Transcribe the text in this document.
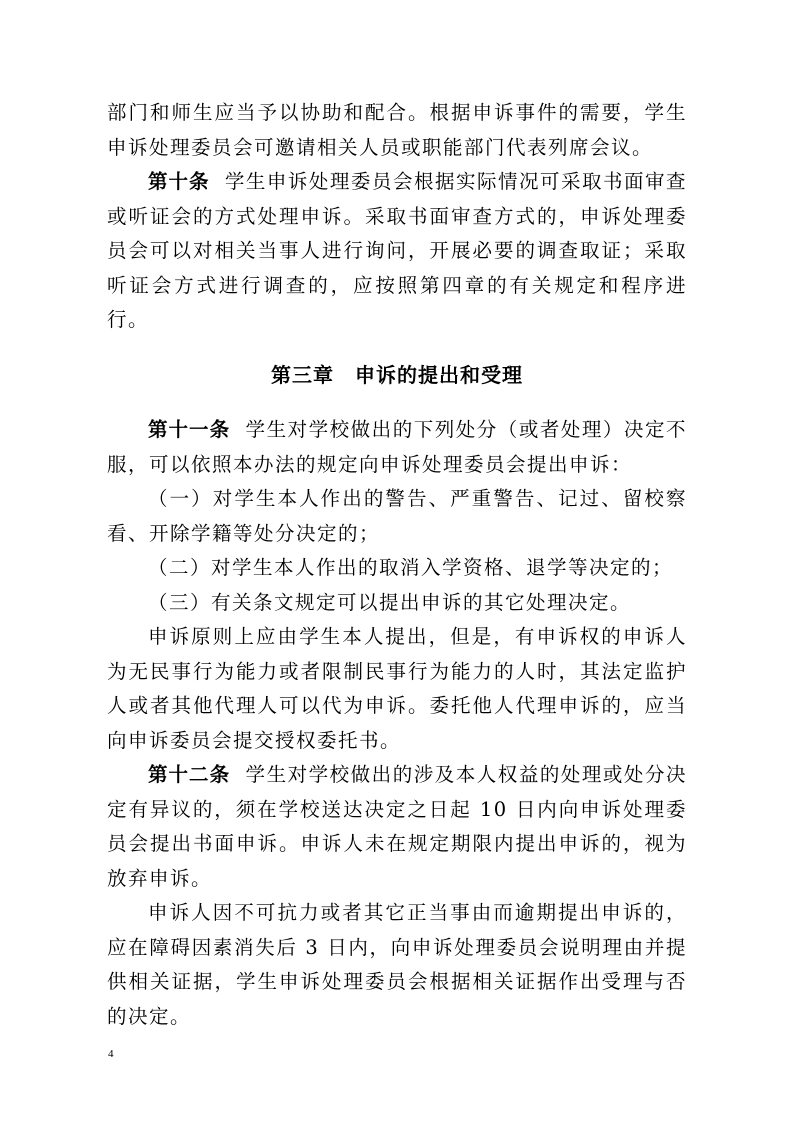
部门和师生应当予以协助和配合。根据申诉事件的需要，学生申诉处理委员会可邀请相关人员或职能部门代表列席会议。

第十条 学生申诉处理委员会根据实际情况可采取书面审查或听证会的方式处理申诉。采取书面审查方式的，申诉处理委员会可以对相关当事人进行询问，开展必要的调查取证；采取听证会方式进行调查的，应按照第四章的有关规定和程序进行。

第三章　申诉的提出和受理

第十一条 学生对学校做出的下列处分（或者处理）决定不服，可以依照本办法的规定向申诉处理委员会提出申诉：

（一）对学生本人作出的警告、严重警告、记过、留校察看、开除学籍等处分决定的；

（二）对学生本人作出的取消入学资格、退学等决定的；

（三）有关条文规定可以提出申诉的其它处理决定。

申诉原则上应由学生本人提出，但是，有申诉权的申诉人为无民事行为能力或者限制民事行为能力的人时，其法定监护人或者其他代理人可以代为申诉。委托他人代理申诉的，应当向申诉委员会提交授权委托书。

第十二条 学生对学校做出的涉及本人权益的处理或处分决定有异议的，须在学校送达决定之日起 10 日内向申诉处理委员会提出书面申诉。申诉人未在规定期限内提出申诉的，视为放弃申诉。

申诉人因不可抗力或者其它正当事由而逾期提出申诉的，应在障碍因素消失后 3 日内，向申诉处理委员会说明理由并提供相关证据，学生申诉处理委员会根据相关证据作出受理与否的决定。

4
